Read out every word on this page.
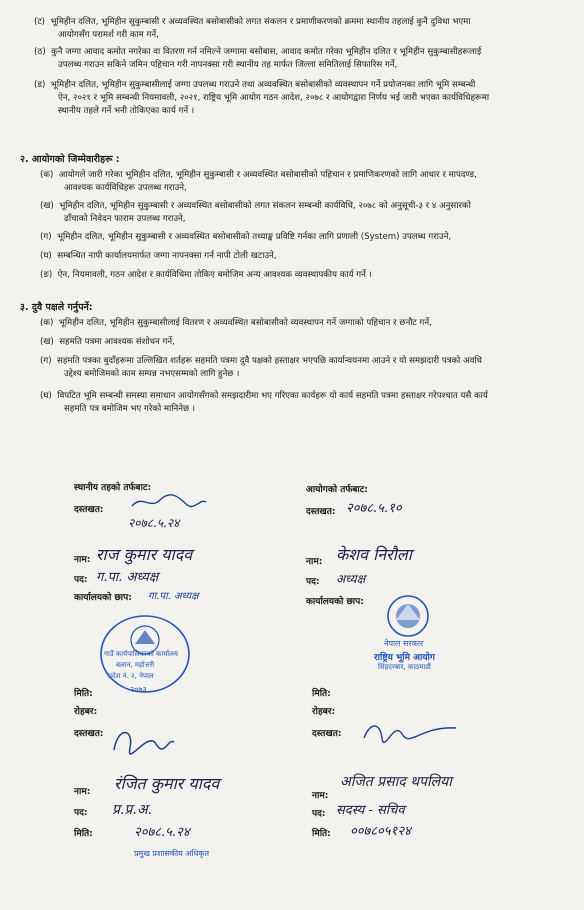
(ट) भूमिहीन दलित, भूमिहीन सुकुम्बासी र अव्यवस्थित बसोबासीको लगत संकलन र प्रमाणीकरणको क्रममा स्थानीय तहलाई कुनै दुविधा भएमा
आयोगसँग परामर्श गरी काम गर्ने,
(ठ) कुनै जग्गा आवाद कमोत नगरेका वा वितरण गर्न नमिल्ने जग्गामा बसोबास, आवाद कमोत गरेका भूमिहीन दलित र भूमिहीन सुकुम्बासीहरूलाई
उपलब्ध गराउन सकिने जमिन पहिचान गरी नापनक्सा गरी स्थानीय तह मार्फत जिल्ला समितिलाई सिफारिस गर्ने,
(ड) भूमिहीन दलित, भूमिहीन सुकुम्बासीलाई जग्गा उपलब्ध गराउने तथा अव्यवस्थित बसोबासीको व्यवस्थापन गर्ने प्रयोजनका लागि भूमि सम्बन्धी
ऐन, २०२१ र भूमि सम्बन्धी नियमावली, २०२१, राष्ट्रिय भूमि आयोग गठन आदेश, २०७८ र आयोगद्वारा निर्णय भई जारी भएका कार्यविधिहरूमा
स्थानीय तहले गर्ने भनी तोकिएका कार्य गर्ने ।
२. आयोगको जिम्मेवारीहरू :
(क) आयोगले जारी गरेका भूमिहीन दलित, भूमिहीन सुकुम्बासी र अव्यवस्थित बसोबासीको पहिचान र प्रमाणिकरणको लागि आधार र मापदण्ड,
आवश्यक कार्यविधिहरू उपलब्ध गराउने,
(ख) भूमिहीन दलित, भूमिहीन सुकुम्बासी र अव्यवस्थित बसोबासीको लगत संकलन सम्बन्धी कार्यविधि, २०७८ को अनुसूची-३ र ४ अनुसारको
ढाँचाको निवेदन फाराम उपलब्ध गराउने,
(ग) भूमिहीन दलित, भूमिहीन सुकुम्बासी र अव्यवस्थित बसोबासीको तथ्याङ्क प्रविष्टि गर्नका लागि प्रणाली (System) उपलब्ध गराउने,
(घ) सम्बन्धित नापी कार्यालयमार्फत जग्गा नापनक्सा गर्न नापी टोली खटाउने,
(ङ) ऐन, नियमावली, गठन आदेश र कार्यविधिमा तोकिए बमोजिम अन्य आवश्यक व्यवस्थापकीय कार्य गर्ने ।
३. दुवै पक्षले गर्नुपर्ने:
(क) भूमिहीन दलित, भूमिहीन सुकुम्बासीलाई वितरण र अव्यवस्थित बसोबासीको व्यवस्थापन गर्ने जग्गाको पहिचान र छनौट गर्ने,
(ख) सहमति पत्रमा आवश्यक संशोधन गर्ने,
(ग) सहमति पत्रका बुदाँहरूमा उल्लिखित शर्तहरू सहमति पत्रमा दुवै पक्षको हस्ताक्षर भएपछि कार्यान्वयनमा आउने र यो समझदारी पत्रको अवधि
उद्देश्य बमोजिमको काम सम्पन्न नभएसम्मको लागि हुनेछ ।
(घ) विपटित भूमि सम्बन्धी समस्या समाधान आयोगसँगको समझदारीमा भए गरिएका कार्यहरू यो कार्य सहमति पत्रमा हस्ताक्षर गरेपश्चात यसै कार्य
सहमति पत्र बमोजिम भए गरेको मानिनेछ ।
स्थानीय तहको तर्फबाट:
दस्तखत:
२०७८.५.२४
नाम: राज कुमार यादव
पद: ग.पा. अध्यक्ष
कार्यालयको छाप: गा.पा. अध्यक्ष
गाउँ कार्यपालिकाको कार्यालय
बलान, महोत्तरी
प्रदेश नं. २, नेपाल
२०७३
मिति:
रोहबर:
दस्तखत:
नाम: रंजित कुमार यादव
पद: प्र.प्र.अ.
मिति:	२०७८.५.२४
प्रमुख प्रशासकीय अधिकृत
आयोगको तर्फबाट:
दस्तखत: २०७८.५.१०
नाम: केशव निरौला
पद: अध्यक्ष
कार्यालयको छाप:
नेपाल सरकार
राष्ट्रिय भूमि आयोग
सिंहदरबार, काठमाडौं
मिति:
रोहबर:
दस्तखत:
नाम:
अजित प्रसाद थपलिया
पद: सदस्य - सचिव
मिति: ००७८०५१२४
